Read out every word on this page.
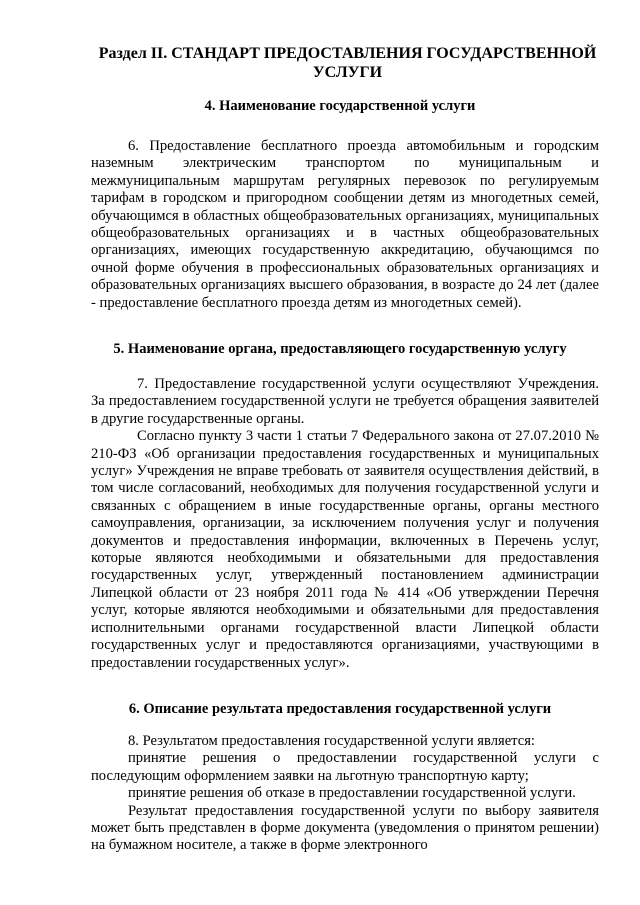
Раздел II. СТАНДАРТ ПРЕДОСТАВЛЕНИЯ ГОСУДАРСТВЕННОЙ УСЛУГИ
4. Наименование государственной услуги

6. Предоставление бесплатного проезда автомобильным и городским наземным электрическим транспортом по муниципальным и межмуниципальным маршрутам регулярных перевозок по регулируемым тарифам в городском и пригородном сообщении детям из многодетных семей, обучающимся в областных общеобразовательных организациях, муниципальных общеобразовательных организациях и в частных общеобразовательных организациях, имеющих государственную аккредитацию, обучающимся по очной форме обучения в профессиональных образовательных организациях и образовательных организациях высшего образования, в возрасте до 24 лет (далее - предоставление бесплатного проезда детям из многодетных семей).

5. Наименование органа, предоставляющего государственную услугу

7. Предоставление государственной услуги осуществляют Учреждения. За предоставлением государственной услуги не требуется обращения заявителей в другие государственные органы.

Согласно пункту 3 части 1 статьи 7 Федерального закона от 27.07.2010 № 210-ФЗ «Об организации предоставления государственных и муниципальных услуг» Учреждения не вправе требовать от заявителя осуществления действий, в том числе согласований, необходимых для получения государственной услуги и связанных с обращением в иные государственные органы, органы местного самоуправления, организации, за исключением получения услуг и получения документов и предоставления информации, включенных в Перечень услуг, которые являются необходимыми и обязательными для предоставления государственных услуг, утвержденный постановлением администрации Липецкой области от 23 ноября 2011 года № 414 «Об утверждении Перечня услуг, которые являются необходимыми и обязательными для предоставления исполнительными органами государственной власти Липецкой области государственных услуг и предоставляются организациями, участвующими в предоставлении государственных услуг».

6. Описание результата предоставления государственной услуги

8. Результатом предоставления государственной услуги является:

принятие решения о предоставлении государственной услуги с последующим оформлением заявки на льготную транспортную карту;

принятие решения об отказе в предоставлении государственной услуги.

Результат предоставления государственной услуги по выбору заявителя может быть представлен в форме документа (уведомления о принятом решении) на бумажном носителе, а также в форме электронного
